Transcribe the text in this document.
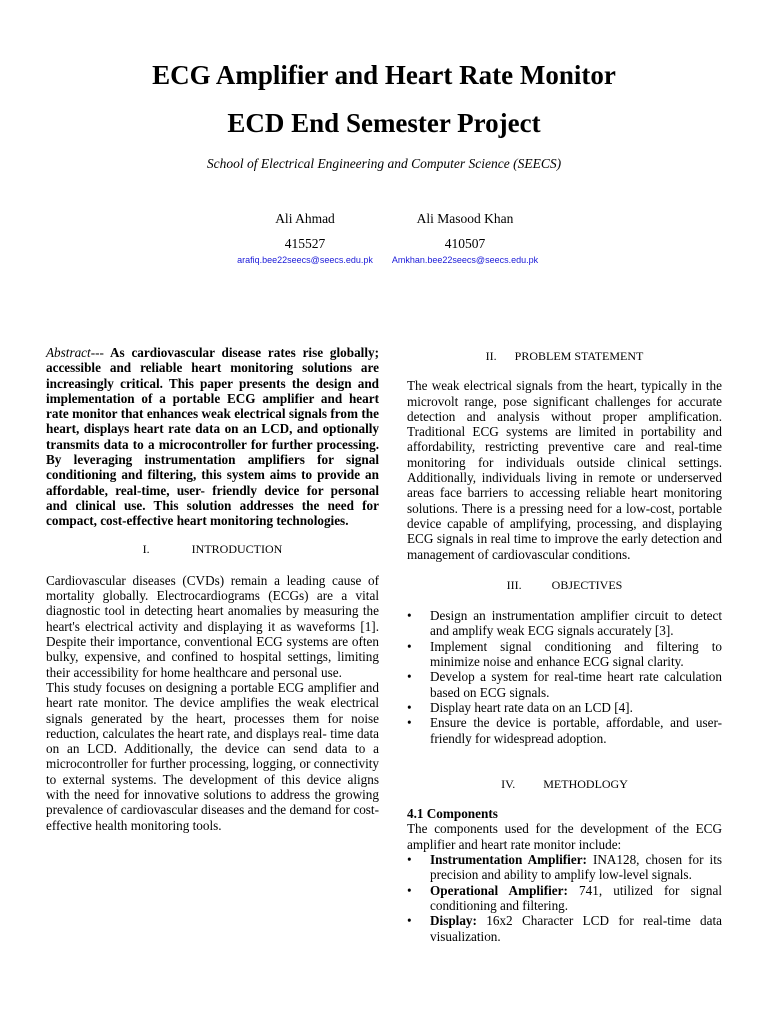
ECG Amplifier and Heart Rate Monitor
ECD End Semester Project
School of Electrical Engineering and Computer Science (SEECS)
Ali Ahmad
415527
arafiq.bee22seecs@seecs.edu.pk
Ali Masood Khan
410507
Amkhan.bee22seecs@seecs.edu.pk

Abstract--- As cardiovascular disease rates rise globally; accessible and reliable heart monitoring solutions are increasingly critical. This paper presents the design and implementation of a portable ECG amplifier and heart rate monitor that enhances weak electrical signals from the heart, displays heart rate data on an LCD, and optionally transmits data to a microcontroller for further processing. By leveraging instrumentation amplifiers for signal conditioning and filtering, this system aims to provide an affordable, real-time, user- friendly device for personal and clinical use. This solution addresses the need for compact, cost-effective heart monitoring technologies.

I.	INTRODUCTION

Cardiovascular diseases (CVDs) remain a leading cause of mortality globally. Electrocardiograms (ECGs) are a vital diagnostic tool in detecting heart anomalies by measuring the heart's electrical activity and displaying it as waveforms [1]. Despite their importance, conventional ECG systems are often bulky, expensive, and confined to hospital settings, limiting their accessibility for home healthcare and personal use.

This study focuses on designing a portable ECG amplifier and heart rate monitor. The device amplifies the weak electrical signals generated by the heart, processes them for noise reduction, calculates the heart rate, and displays real- time data on an LCD. Additionally, the device can send data to a microcontroller for further processing, logging, or connectivity to external systems. The development of this device aligns with the need for innovative solutions to address the growing prevalence of cardiovascular diseases and the demand for cost-effective health monitoring tools.

II. PROBLEM STATEMENT

The weak electrical signals from the heart, typically in the microvolt range, pose significant challenges for accurate detection and analysis without proper amplification. Traditional ECG systems are limited in portability and affordability, restricting preventive care and real-time monitoring for individuals outside clinical settings. Additionally, individuals living in remote or underserved areas face barriers to accessing reliable heart monitoring solutions. There is a pressing need for a low-cost, portable device capable of amplifying, processing, and displaying ECG signals in real time to improve the early detection and management of cardiovascular conditions.

III.	OBJECTIVES

• Design an instrumentation amplifier circuit to detect and amplify weak ECG signals accurately [3].
• Implement signal conditioning and filtering to minimize noise and enhance ECG signal clarity.
• Develop a system for real-time heart rate calculation based on ECG signals.
• Display heart rate data on an LCD [4].
• Ensure the device is portable, affordable, and user-friendly for widespread adoption.

IV. METHODLOGY

4.1 Components

The components used for the development of the ECG amplifier and heart rate monitor include:

• Instrumentation Amplifier: INA128, chosen for its precision and ability to amplify low-level signals.
• Operational Amplifier: 741, utilized for signal conditioning and filtering.
• Display: 16x2 Character LCD for real-time data visualization.
